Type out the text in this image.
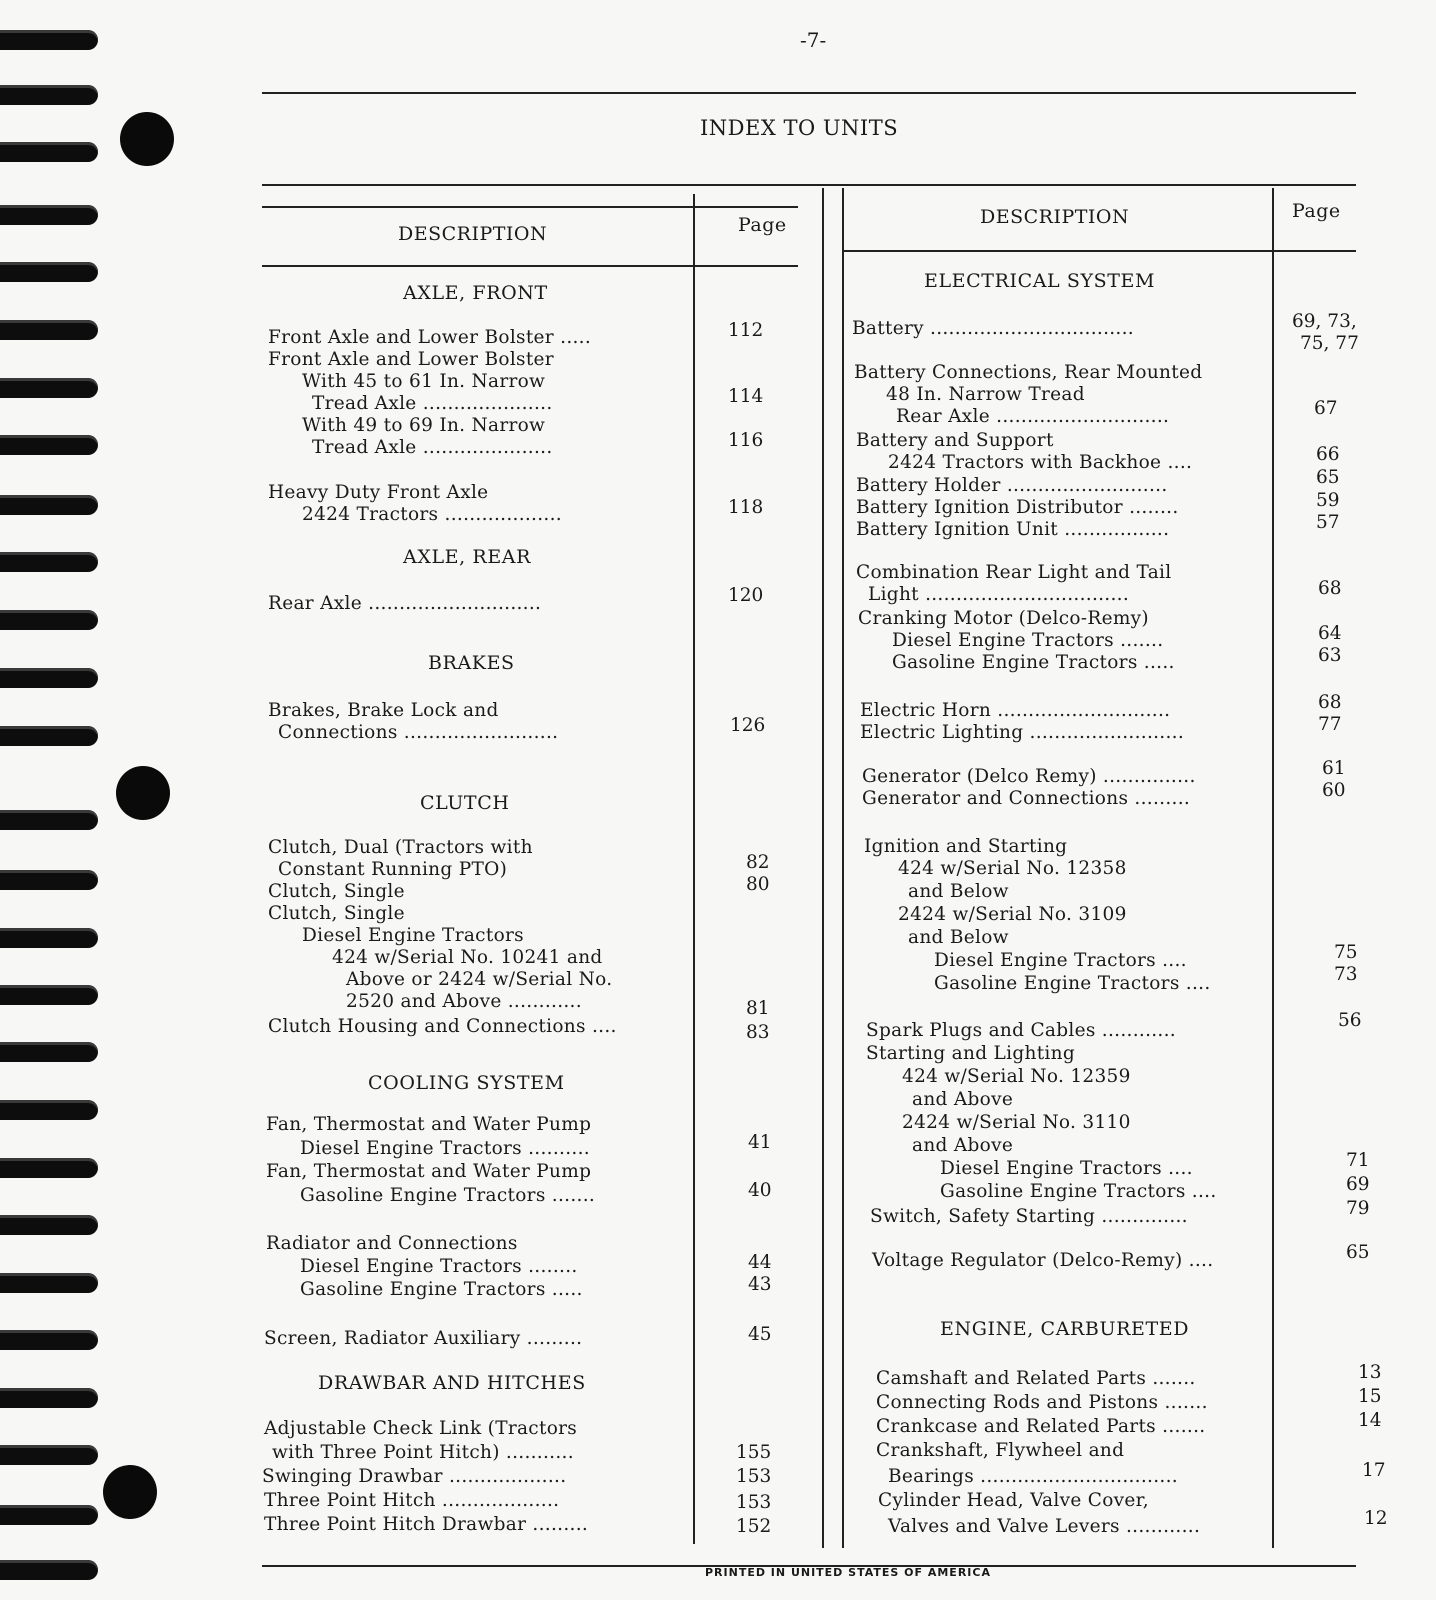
-7-
INDEX TO UNITS
DESCRIPTION	Page	DESCRIPTION	Page
AXLE, FRONT
Front Axle and Lower Bolster .....	112
Front Axle and Lower Bolster
With 45 to 61 In. Narrow
Tread Axle .....................	114
With 49 to 69 In. Narrow
Tread Axle .....................	116
Heavy Duty Front Axle
2424 Tractors ...................	118
AXLE, REAR
Rear Axle ............................	120
BRAKES
Brakes, Brake Lock and
Connections .........................	126
CLUTCH
Clutch, Dual (Tractors with
Constant Running PTO)	82
Clutch, Single	80
Clutch, Single
Diesel Engine Tractors
424 w/Serial No. 10241 and
Above or 2424 w/Serial No.
2520 and Above ............	81
Clutch Housing and Connections ....	83
COOLING SYSTEM
Fan, Thermostat and Water Pump
Diesel Engine Tractors ..........	41
Fan, Thermostat and Water Pump
Gasoline Engine Tractors .......	40
Radiator and Connections
Diesel Engine Tractors ........	44
Gasoline Engine Tractors .....	43
Screen, Radiator Auxiliary .........	45
DRAWBAR AND HITCHES
Adjustable Check Link (Tractors
with Three Point Hitch) ...........	155
Swinging Drawbar ...................	153
Three Point Hitch ...................	153
Three Point Hitch Drawbar .........	152
ELECTRICAL SYSTEM
Battery .................................	69, 73,
75, 77
Battery Connections, Rear Mounted
48 In. Narrow Tread
Rear Axle ............................	67
Battery and Support
2424 Tractors with Backhoe ....	66
Battery Holder ..........................	65
Battery Ignition Distributor ........	59
Battery Ignition Unit .................	57
Combination Rear Light and Tail
Light .................................	68
Cranking Motor (Delco-Remy)
Diesel Engine Tractors .......	64
Gasoline Engine Tractors .....	63
Electric Horn ............................	68
Electric Lighting .........................	77
Generator (Delco Remy) ...............	61
Generator and Connections .........	60
Ignition and Starting
424 w/Serial No. 12358
and Below
2424 w/Serial No. 3109
and Below
Diesel Engine Tractors ....	75
Gasoline Engine Tractors ....	73
Spark Plugs and Cables ............	56
Starting and Lighting
424 w/Serial No. 12359
and Above
2424 w/Serial No. 3110
and Above
Diesel Engine Tractors ....	71
Gasoline Engine Tractors ....	69
Switch, Safety Starting ..............	79
Voltage Regulator (Delco-Remy) ....	65
ENGINE, CARBURETED
Camshaft and Related Parts .......	13
Connecting Rods and Pistons .......	15
Crankcase and Related Parts .......	14
Crankshaft, Flywheel and
Bearings ................................	17
Cylinder Head, Valve Cover,
Valves and Valve Levers ............	12
PRINTED IN UNITED STATES OF AMERICA
